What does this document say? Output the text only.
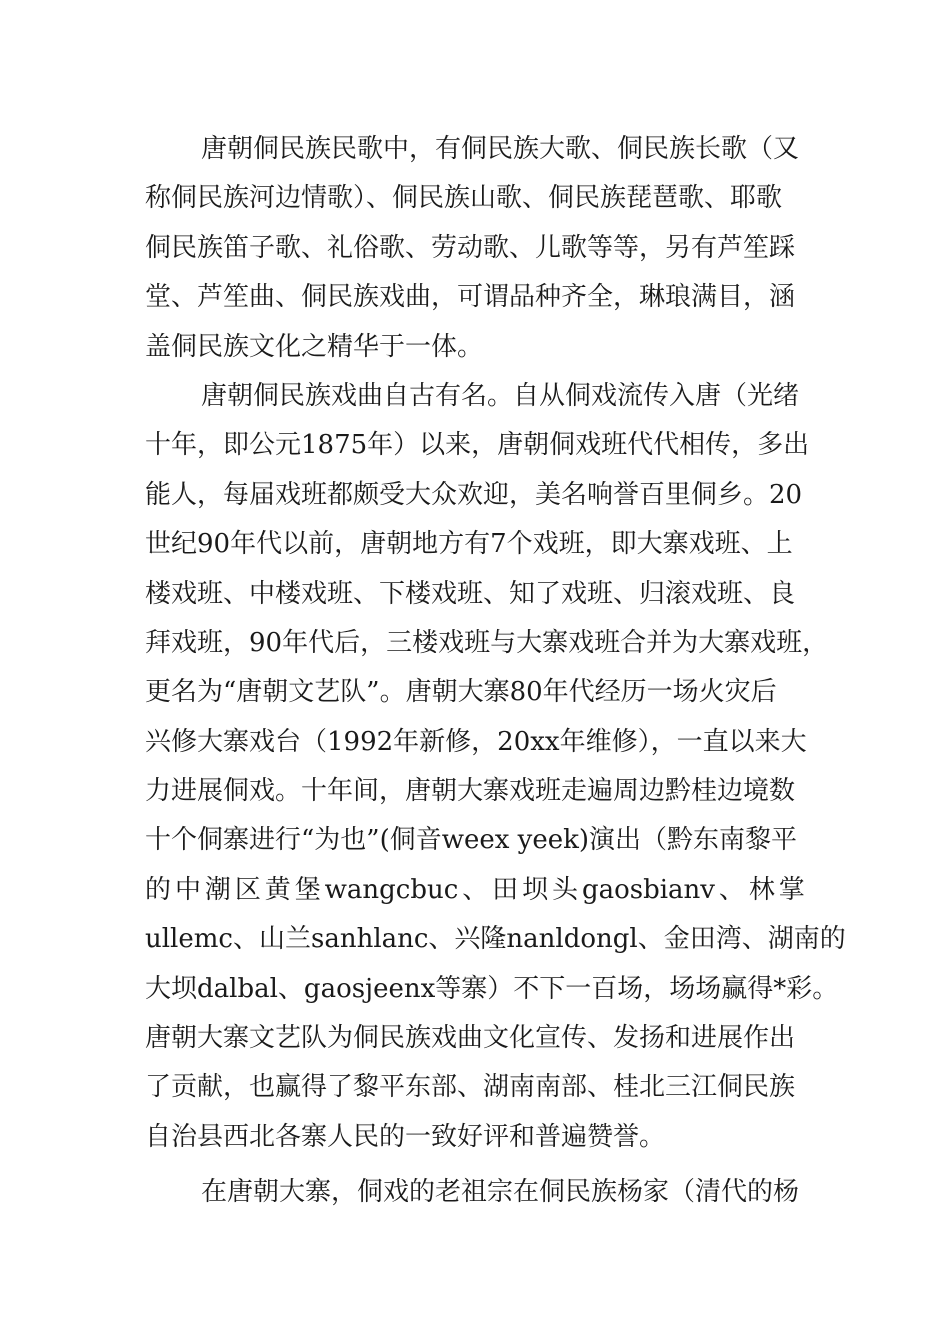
唐朝侗民族民歌中，有侗民族大歌、侗民族长歌（又
称侗民族河边情歌）、侗民族山歌、侗民族琵琶歌、耶歌
侗民族笛子歌、礼俗歌、劳动歌、儿歌等等，另有芦笙踩
堂、芦笙曲、侗民族戏曲，可谓品种齐全，琳琅满目，涵
盖侗民族文化之精华于一体。
唐朝侗民族戏曲自古有名。自从侗戏流传入唐（光绪
十年，即公元1875年）以来，唐朝侗戏班代代相传，多出
能人，每届戏班都颇受大众欢迎，美名响誉百里侗乡。20
世纪90年代以前，唐朝地方有7个戏班，即大寨戏班、上
楼戏班、中楼戏班、下楼戏班、知了戏班、归滚戏班、良
拜戏班，90年代后，三楼戏班与大寨戏班合并为大寨戏班，
更名为“唐朝文艺队”。唐朝大寨80年代经历一场火灾后
兴修大寨戏台（1992年新修，20xx年维修），一直以来大
力进展侗戏。十年间，唐朝大寨戏班走遍周边黔桂边境数
十个侗寨进行“为也”(侗音weex yeek)演出（黔东南黎平
的 中 潮 区 黄 堡 wangcbuc 、 田 坝 头 gaosbianv 、 林 掌
ullemc、山兰sanhlanc、兴隆nanldongl、金田湾、湖南的
大坝dalbal、gaosjeenx等寨）不下一百场，场场赢得*彩。
唐朝大寨文艺队为侗民族戏曲文化宣传、发扬和进展作出
了贡献，也赢得了黎平东部、湖南南部、桂北三江侗民族
自治县西北各寨人民的一致好评和普遍赞誉。
在唐朝大寨，侗戏的老祖宗在侗民族杨家（清代的杨
